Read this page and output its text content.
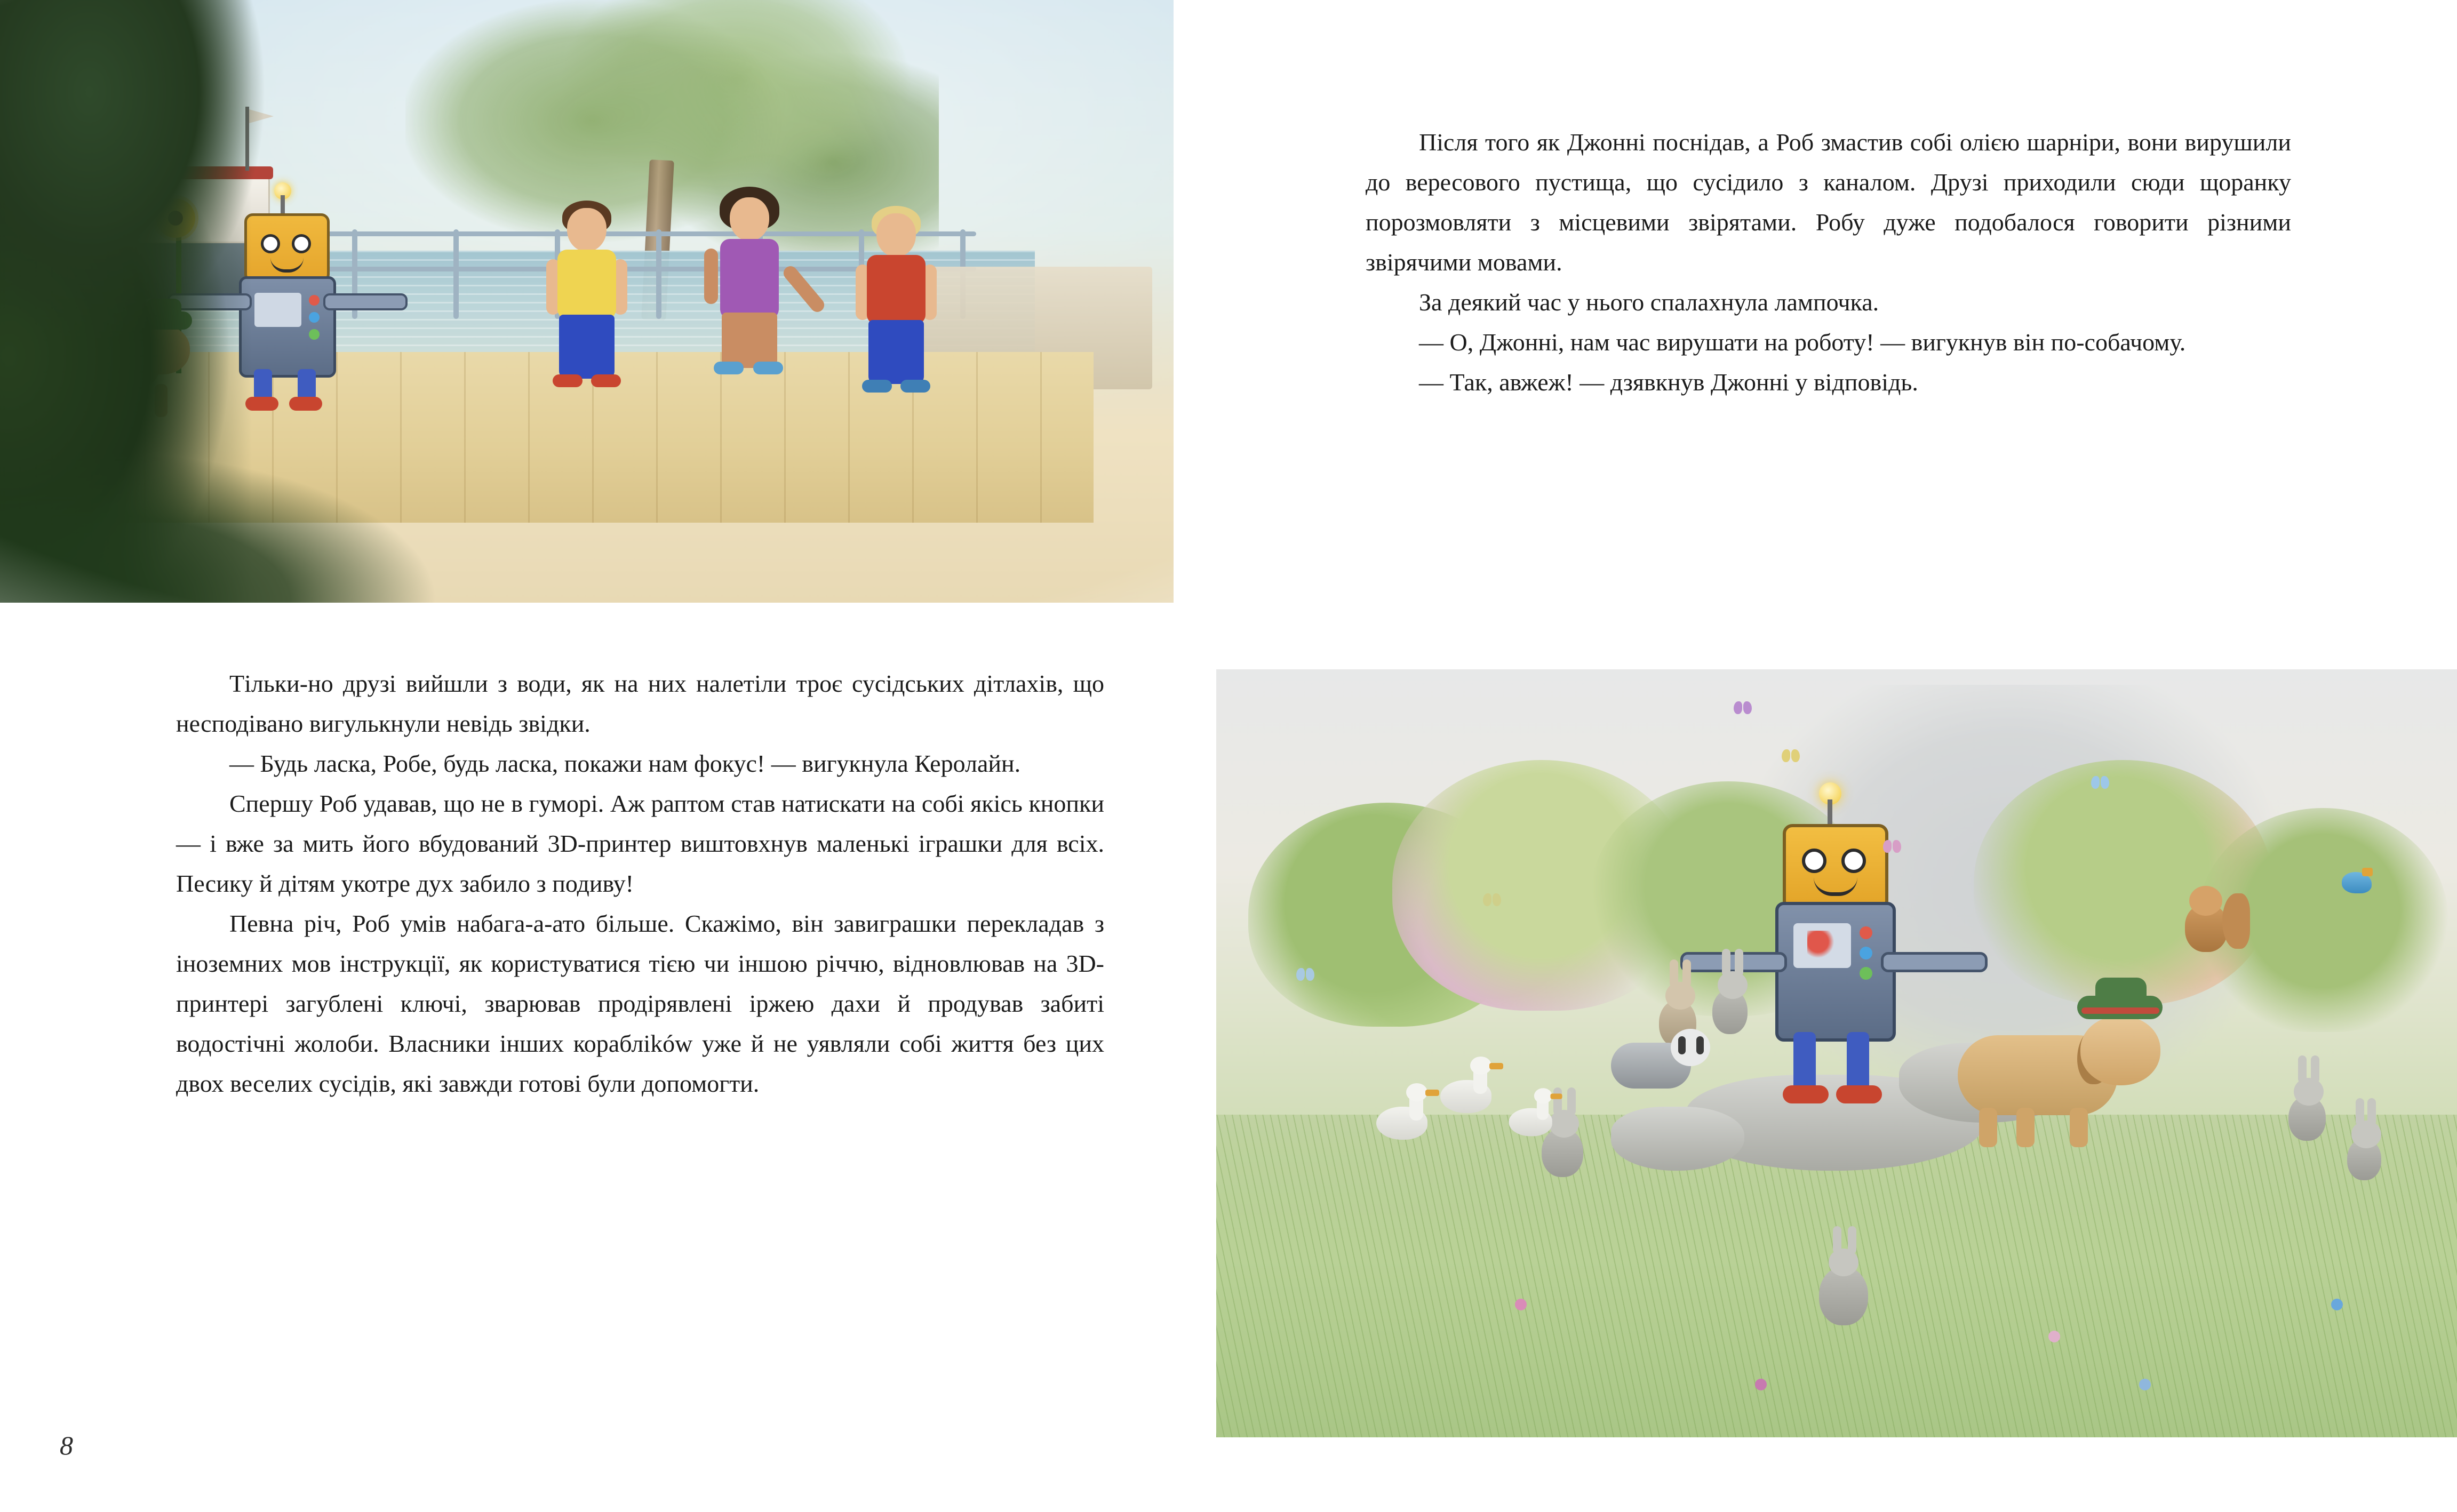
Тільки-но друзі вийшли з води, як на них налетіли троє сусідських дітлахів, що несподівано вигулькнули невідь звідки.

— Будь ласка, Робе, будь ласка, покажи нам фокус! — вигукнула Керолайн.

Спершу Роб удавав, що не в гуморі. Аж раптом став натискати на собі якісь кнопки — і вже за мить його вбудований 3D-принтер виштовхнув маленькі іграшки для всіх. Песику й дітям укотре дух забило з подиву!

Певна річ, Роб умів набага-а-ато більше. Скажімо, він завиграшки перекладав з іноземних мов інструкції, як користуватися тією чи іншою річчю, відновлював на 3D-принтері загублені ключі, зварював продірявлені іржею дахи й продував забиті водостічні жолоби. Власники інших кораблików уже й не уявляли собі життя без цих двох веселих сусідів, які завжди готові були допомогти.

8

Після того як Джонні поснідав, а Роб змастив собі олією шарніри, вони вирушили до вересового пустища, що сусідило з каналом. Друзі приходили сюди щоранку порозмовляти з місцевими звірятами. Робу дуже подобалося говорити різними звірячими мовами.

За деякий час у нього спалахнула лампочка.

— О, Джонні, нам час вирушати на роботу! — вигукнув він по-собачому.

— Так, авжеж! — дзявкнув Джонні у відповідь.
